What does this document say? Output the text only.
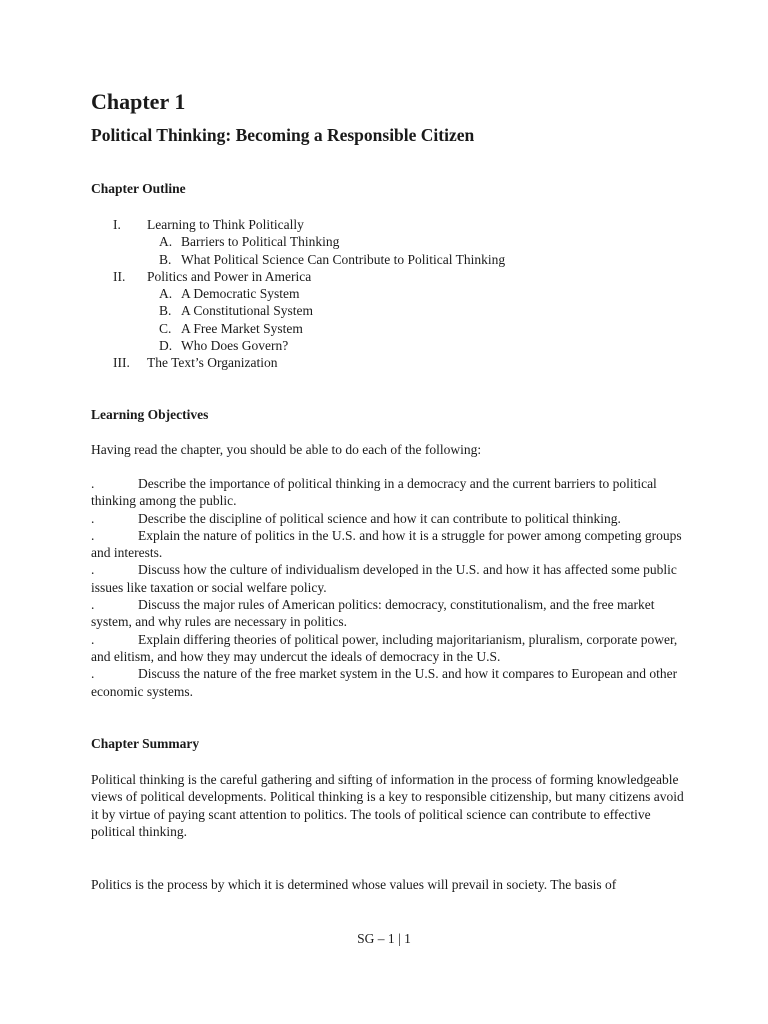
Chapter 1
Political Thinking: Becoming a Responsible Citizen
Chapter Outline
I. Learning to Think Politically
A. Barriers to Political Thinking
B. What Political Science Can Contribute to Political Thinking
II. Politics and Power in America
A. A Democratic System
B. A Constitutional System
C. A Free Market System
D. Who Does Govern?
III. The Text’s Organization
Learning Objectives

Having read the chapter, you should be able to do each of the following:

.	Describe the importance of political thinking in a democracy and the current barriers to political thinking among the public.

.	Describe the discipline of political science and how it can contribute to political thinking.

.	Explain the nature of politics in the U.S. and how it is a struggle for power among competing groups and interests.

.	Discuss how the culture of individualism developed in the U.S. and how it has affected some public issues like taxation or social welfare policy.

.	Discuss the major rules of American politics: democracy, constitutionalism, and the free market system, and why rules are necessary in politics.

.	Explain differing theories of political power, including majoritarianism, pluralism, corporate power, and elitism, and how they may undercut the ideals of democracy in the U.S.

.	Discuss the nature of the free market system in the U.S. and how it compares to European and other economic systems.

Chapter Summary

Political thinking is the careful gathering and sifting of information in the process of forming knowledgeable views of political developments. Political thinking is a key to responsible citizenship, but many citizens avoid it by virtue of paying scant attention to politics. The tools of political science can contribute to effective political thinking.

Politics is the process by which it is determined whose values will prevail in society. The basis of

SG – 1 | 1
